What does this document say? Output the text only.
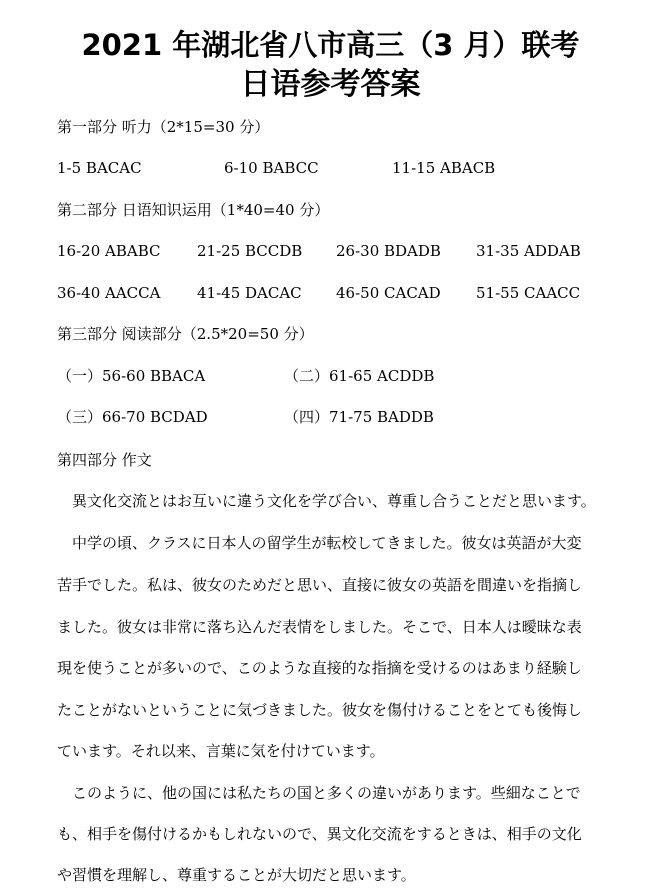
2021 年湖北省八市高三（3 月）联考
日语参考答案
第一部分 听力（2*15=30 分）
1-5 BACAC	6-10 BABCC	11-15 ABACB
第二部分 日语知识运用（1*40=40 分）
16-20 ABABC 21-25 BCCDB 26-30 BDADB 31-35 ADDAB
36-40 AACCA 41-45 DACAC 46-50 CACAD 51-55 CAACC
第三部分 阅读部分（2.5*20=50 分）
（一）56-60 BBACA	（二）61-65 ACDDB
（三）66-70 BCDAD	（四）71-75 BADDB
第四部分 作文
異文化交流とはお互いに違う文化を学び合い、尊重し合うことだと思います。
中学の頃、クラスに日本人の留学生が転校してきました。彼女は英語が大変
苦手でした。私は、彼女のためだと思い、直接に彼女の英語を間違いを指摘し
ました。彼女は非常に落ち込んだ表情をしました。そこで、日本人は曖昧な表
現を使うことが多いので、このような直接的な指摘を受けるのはあまり経験し
たことがないということに気づきました。彼女を傷付けることをとても後悔し
ています。それ以来、言葉に気を付けています。
このように、他の国には私たちの国と多くの違いがあります。些細なことで
も、相手を傷付けるかもしれないので、異文化交流をするときは、相手の文化
や習慣を理解し、尊重することが大切だと思います。
